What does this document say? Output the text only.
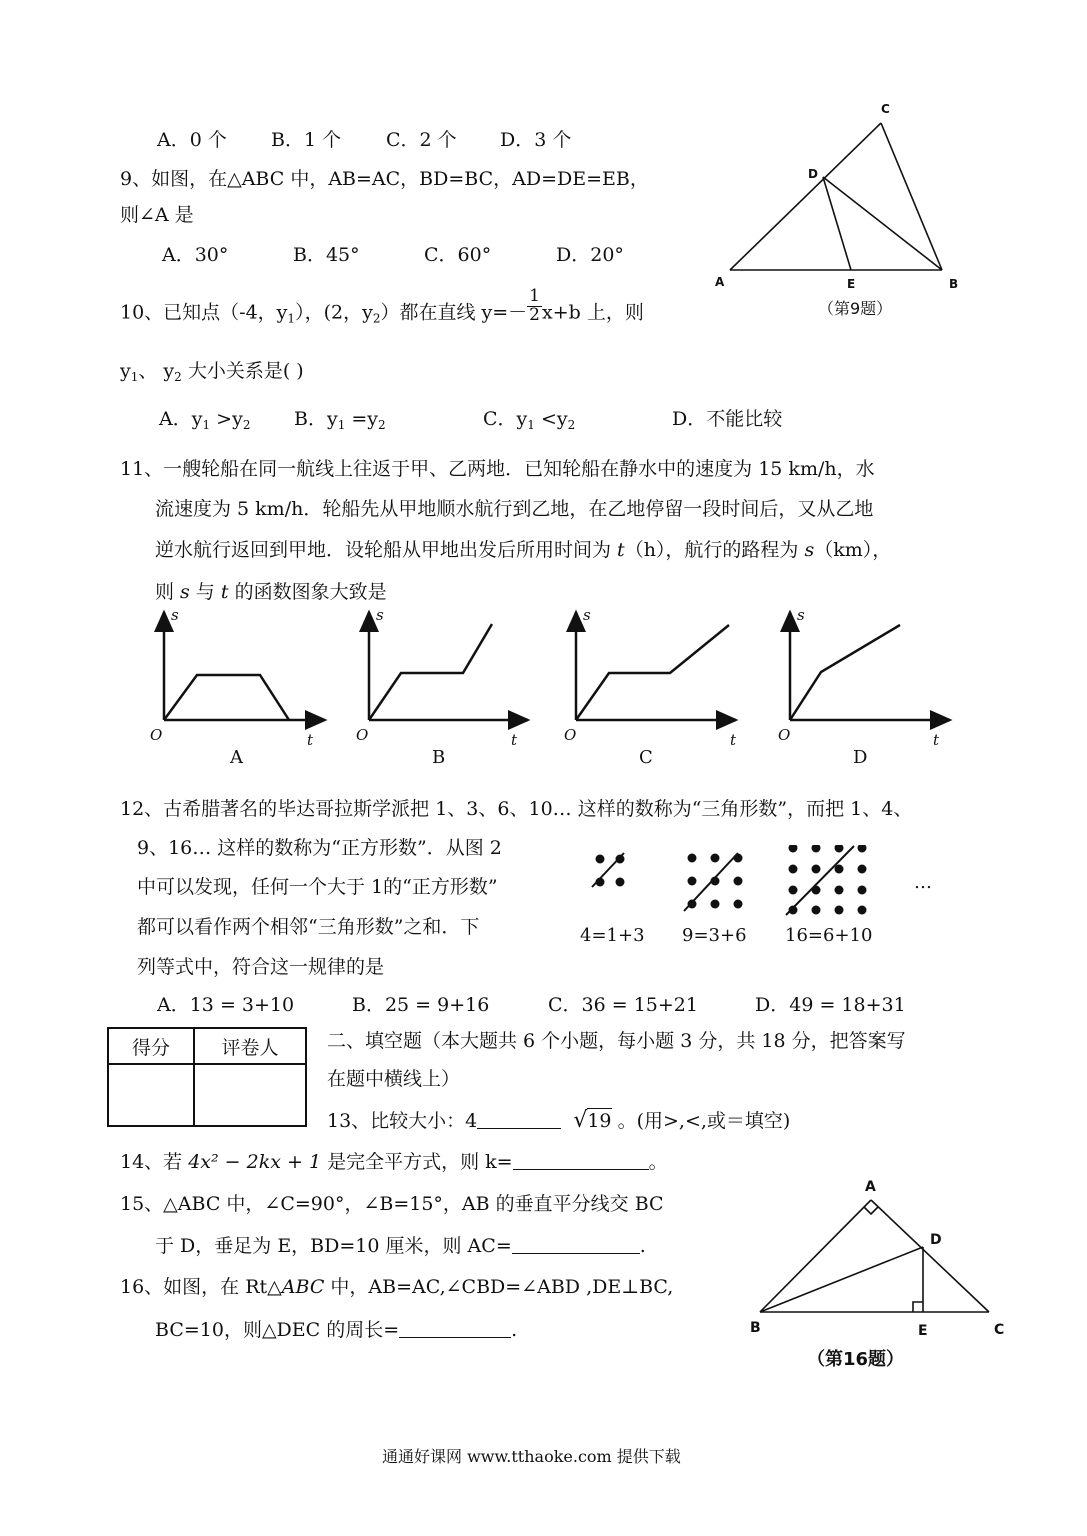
A．0 个 B．1 个 C．2 个 D．3 个
9、如图，在△ABC 中，AB=AC，BD=BC，AD=DE=EB，
则∠A 是
A．30°	B．45°	C．60°	D．20°
C
D
A	E	B
（第9题）
10、已知点（-4，$y_1$），(2，$y_2$）都在直线 $y=- \frac{1}{2} x+b$ 上，则
$y_1$、 $y_2$ 大小关系是( )
A．$y_1 >y_2$ B．$y_1 =y_2$	C．$y_1 <y_2$	D．不能比较
11、一艘轮船在同一航线上往返于甲、乙两地．已知轮船在静水中的速度为 15 km/h，水
流速度为 5 km/h．轮船先从甲地顺水航行到乙地，在乙地停留一段时间后，又从乙地
逆水航行返回到甲地．设轮船从甲地出发后所用时间为 t（h），航行的路程为 s（km），
则 s 与 t 的函数图象大致是
s
t
O
s
t
O
s
t
O
s
t
O
A	B	C	D
12、古希腊著名的毕达哥拉斯学派把 1、3、6、10… 这样的数称为“三角形数”，而把 1、4、
9、16… 这样的数称为“正方形数”．从图 2
中可以发现，任何一个大于 1的“正方形数”
都可以看作两个相邻“三角形数”之和．下
列等式中，符合这一规律的是
4=1+3 9=3+6 16=6+10
…
A．13 = 3+10	B．25 = 9+16	C．36 = 15+21	D．49 = 18+31
得分	评卷人
		二、填空题（本大题共 6 个小题，每小题 3 分，共 18 分，把答案写
在题中横线上）
13、比较大小：4	√19 。(用>,<,或＝填空)
14、若 4x² − 2kx + 1 是完全平方式，则 k=	。
15、△ABC 中，∠C=90°，∠B=15°，AB 的垂直平分线交 BC
于 D，垂足为 E，BD=10 厘米，则 AC=	.
16、如图，在 Rt△ABC 中，AB=AC,∠CBD=∠ABD ,DE⊥BC,
BC=10，则△DEC 的周长=	.
A
D
B	E	C
（第16题）
通通好课网 www.tthaoke.com 提供下载
